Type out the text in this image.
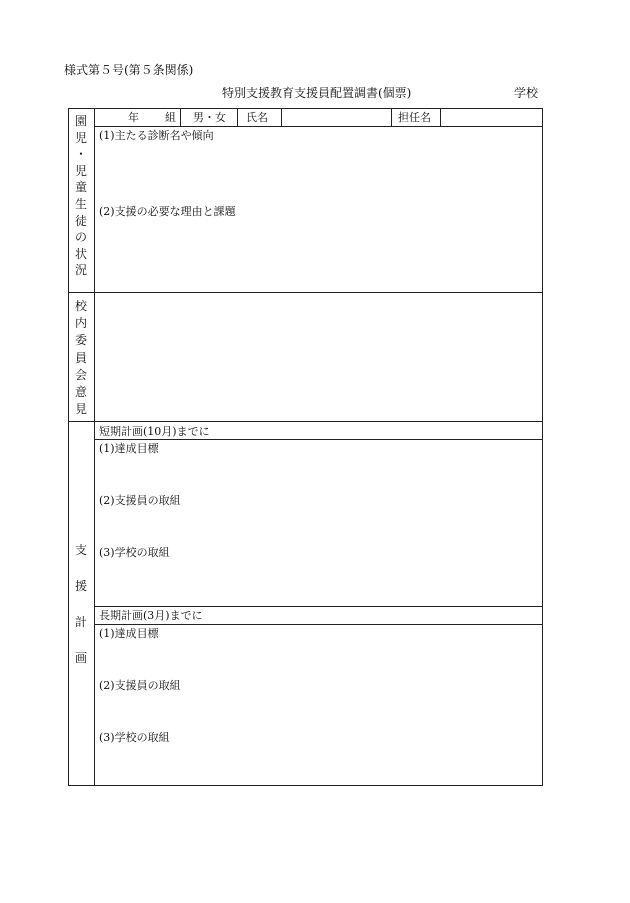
様式第５号(第５条関係)
特別支援教育支援員配置調書(個票)	学校
年 組 男・女 氏名	担任名
園
児
・
児
童
生
徒
の
状
況
(1)主たる診断名や傾向
(2)支援の必要な理由と課題
校
内
委
員
会
意
見
支
援
計
画
短期計画(10月)までに
(1)達成目標
(2)支援員の取組
(3)学校の取組
長期計画(3月)までに
(1)達成目標
(2)支援員の取組
(3)学校の取組
